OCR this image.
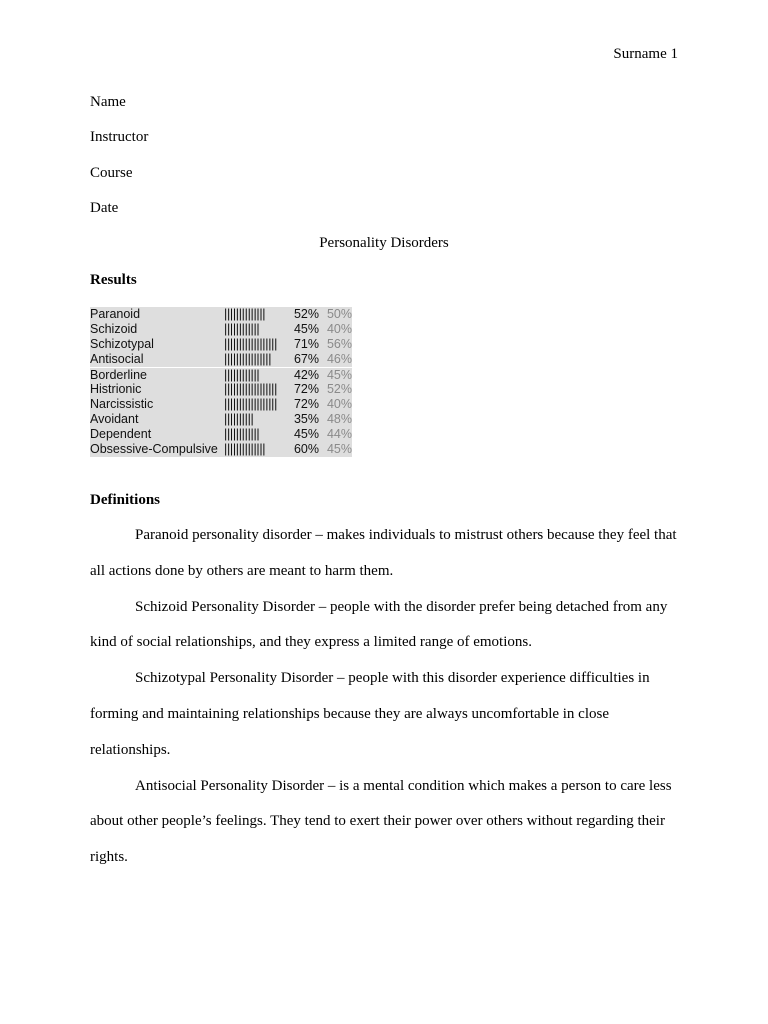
Surname 1
Name
Instructor
Course
Date
Personality Disorders
Results
Paranoid	||||||||||||||	52% 50%
Schizoid	||||||||||||	45% 40%
Schizotypal	||||||||||||||||||	71% 56%
Antisocial	||||||||||||||||	67% 46%
Borderline	||||||||||||	42% 45%
Histrionic	||||||||||||||||||	72% 52%
Narcissistic	||||||||||||||||||	72% 40%
Avoidant	||||||||||	35% 48%
Dependent	||||||||||||	45% 44%
Obsessive-Compulsive ||||||||||||||	60% 45%
Definitions

Paranoid personality disorder – makes individuals to mistrust others because they feel that all actions done by others are meant to harm them.

Schizoid Personality Disorder – people with the disorder prefer being detached from any kind of social relationships, and they express a limited range of emotions.

Schizotypal Personality Disorder – people with this disorder experience difficulties in forming and maintaining relationships because they are always uncomfortable in close relationships.

Antisocial Personality Disorder – is a mental condition which makes a person to care less about other people’s feelings. They tend to exert their power over others without regarding their rights.
